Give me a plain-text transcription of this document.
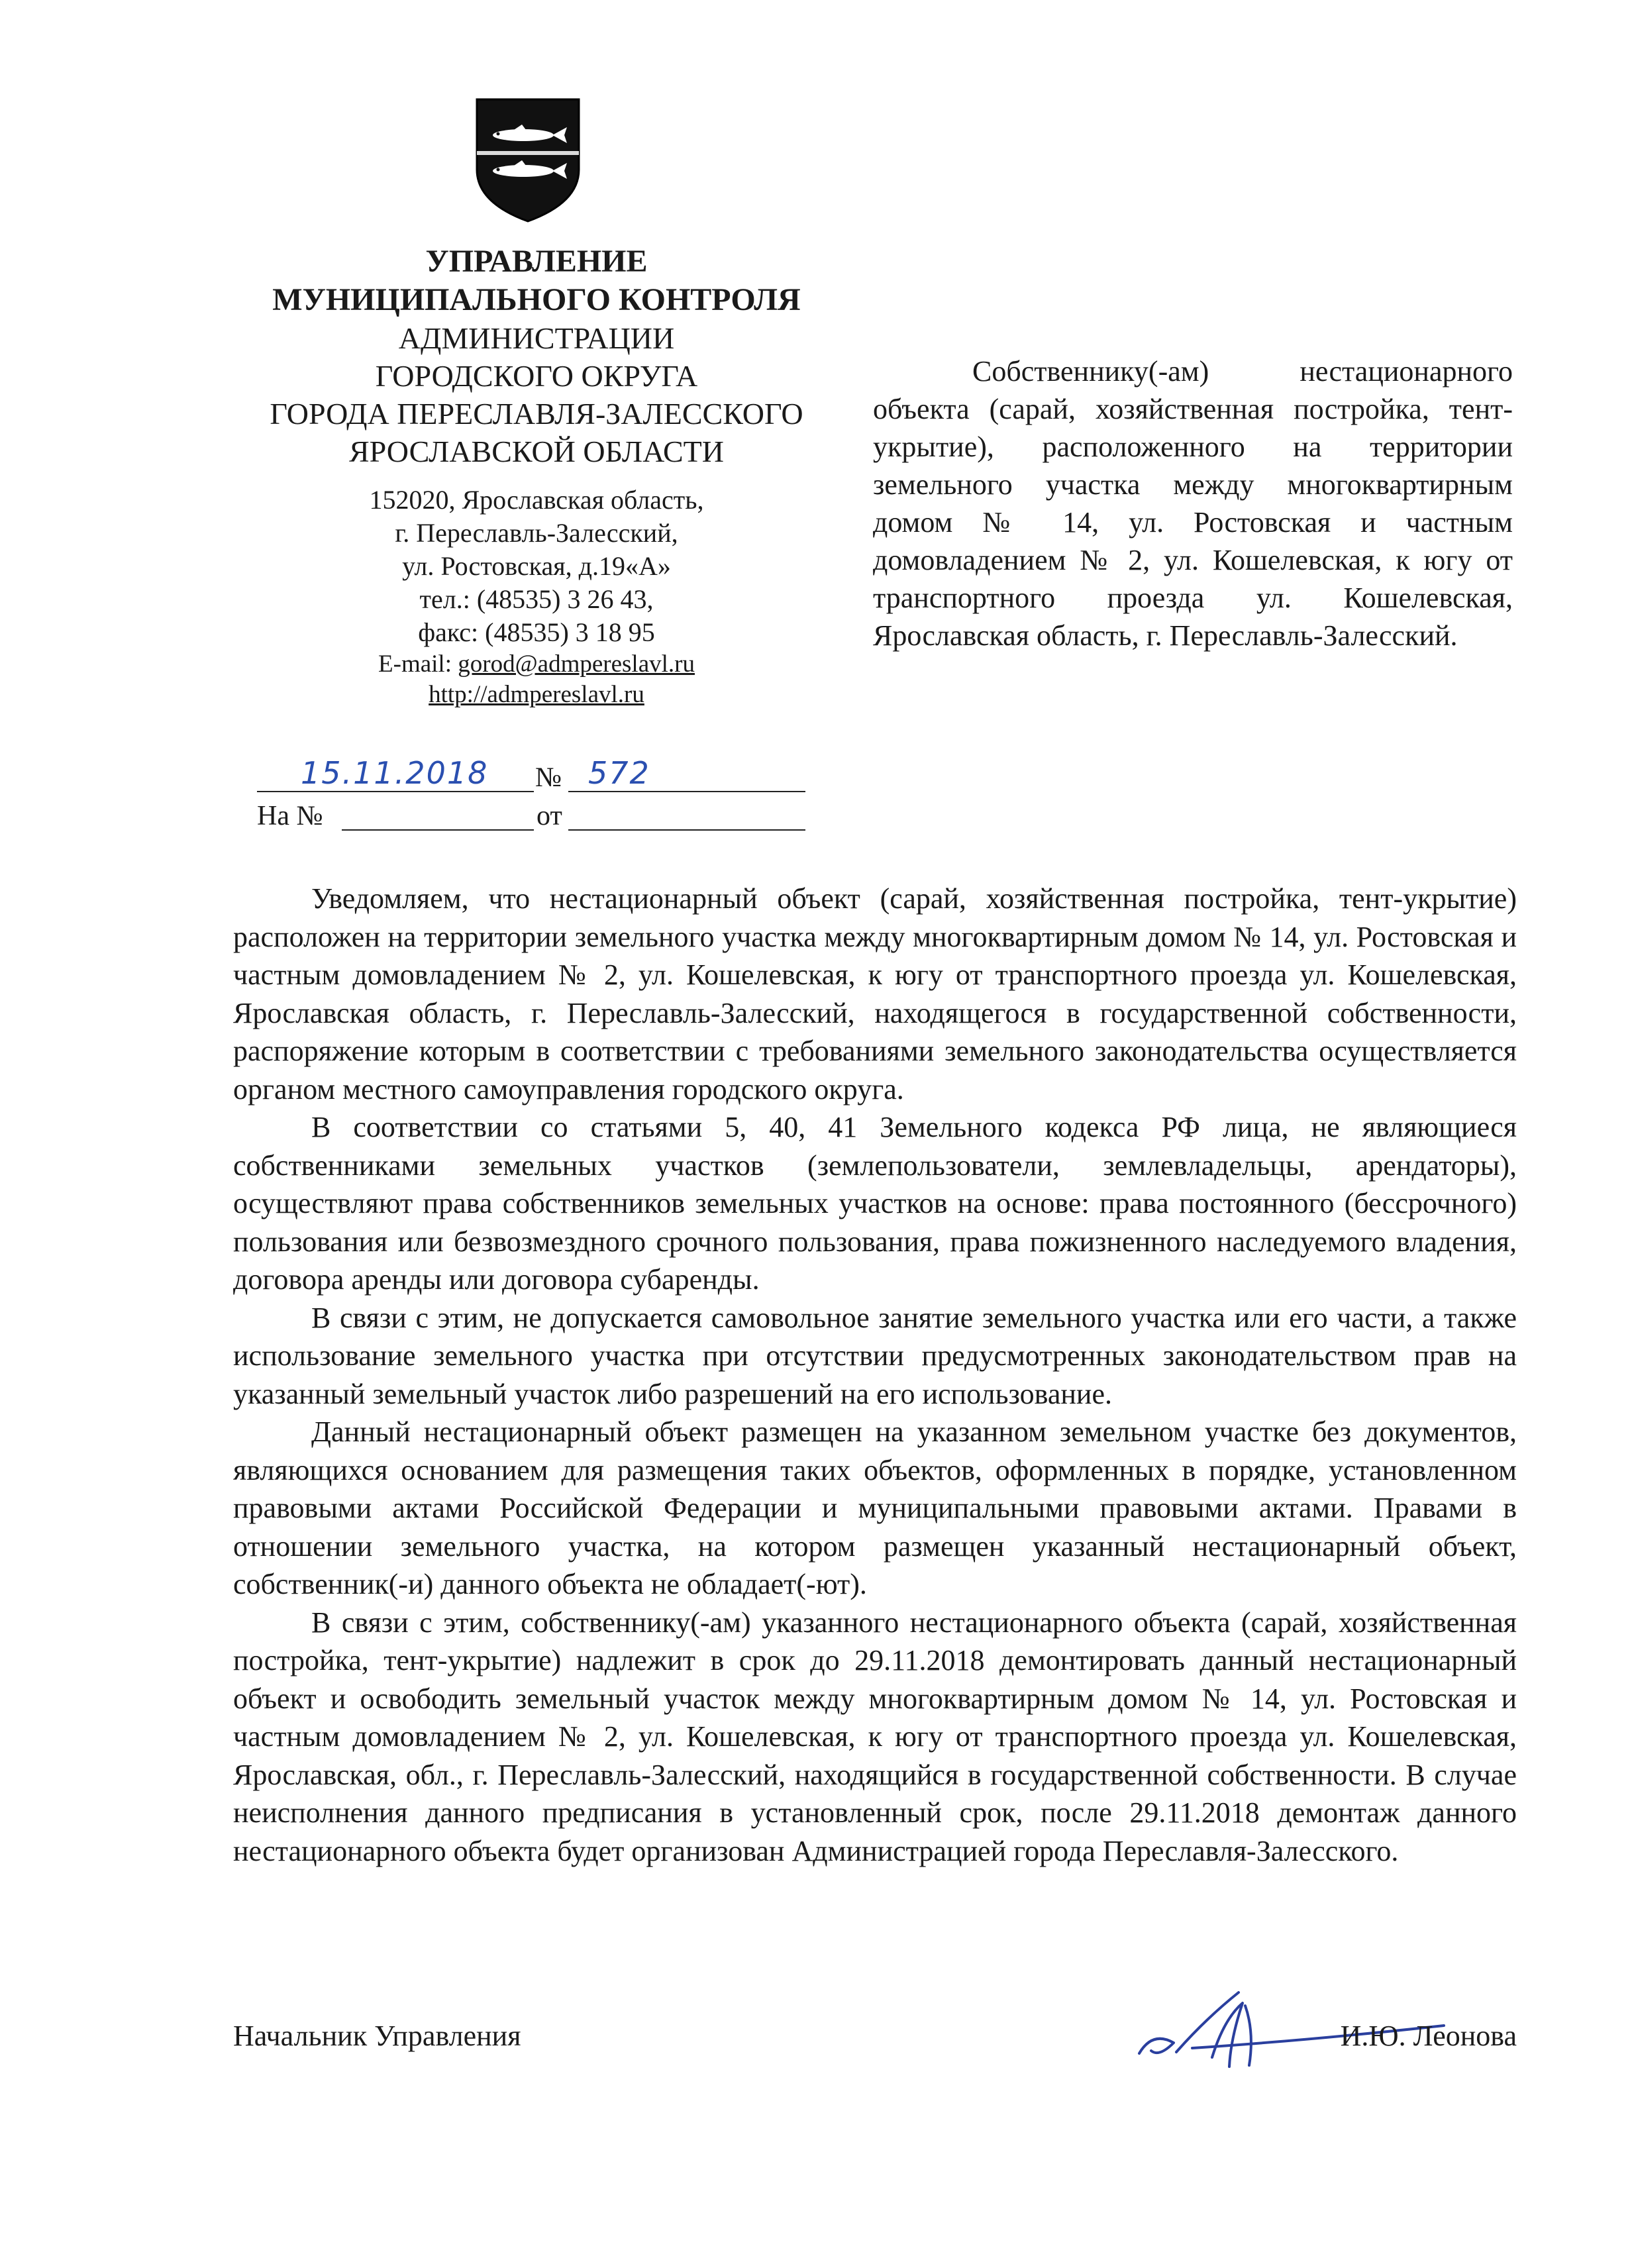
УПРАВЛЕНИЕ
МУНИЦИПАЛЬНОГО КОНТРОЛЯ
АДМИНИСТРАЦИИ
ГОРОДСКОГО ОКРУГА
ГОРОДА ПЕРЕСЛАВЛЯ-ЗАЛЕССКОГО
ЯРОСЛАВСКОЙ ОБЛАСТИ
152020, Ярославская область,
г. Переславль-Залесский,
ул. Ростовская, д.19«А»
тел.: (48535) 3 26 43,
факс: (48535) 3 18 95
E-mail: gorod@admpereslavl.ru
http://admpereslavl.ru
15.11.2018 № 572
На №	от
Собственнику(-ам) нестационарного объекта (сарай, хозяйственная постройка, тент-укрытие), расположенного на территории земельного участка между многоквартирным домом № 14, ул. Ростовская и частным домовладением № 2, ул. Кошелевская, к югу от транспортного проезда ул. Кошелевская, Ярославская область, г. Переславль-Залесский.

Уведомляем, что нестационарный объект (сарай, хозяйственная постройка, тент-укрытие) расположен на территории земельного участка между многоквартирным домом № 14, ул. Ростовская и частным домовладением № 2, ул. Кошелевская, к югу от транспортного проезда ул. Кошелевская, Ярославская область, г. Переславль-Залесский, находящегося в государственной собственности, распоряжение которым в соответствии с требованиями земельного законодательства осуществляется органом местного самоуправления городского округа.

В соответствии со статьями 5, 40, 41 Земельного кодекса РФ лица, не являющиеся собственниками земельных участков (землепользователи, землевладельцы, арендаторы), осуществляют права собственников земельных участков на основе: права постоянного (бессрочного) пользования или безвозмездного срочного пользования, права пожизненного наследуемого владения, договора аренды или договора субаренды.

В связи с этим, не допускается самовольное занятие земельного участка или его части, а также использование земельного участка при отсутствии предусмотренных законодательством прав на указанный земельный участок либо разрешений на его использование.

Данный нестационарный объект размещен на указанном земельном участке без документов, являющихся основанием для размещения таких объектов, оформленных в порядке, установленном правовыми актами Российской Федерации и муниципальными правовыми актами. Правами в отношении земельного участка, на котором размещен указанный нестационарный объект, собственник(-и) данного объекта не обладает(-ют).

В связи с этим, собственнику(-ам) указанного нестационарного объекта (сарай, хозяйственная постройка, тент-укрытие) надлежит в срок до 29.11.2018 демонтировать данный нестационарный объект и освободить земельный участок между многоквартирным домом № 14, ул. Ростовская и частным домовладением № 2, ул. Кошелевская, к югу от транспортного проезда ул. Кошелевская, Ярославская, обл., г. Переславль-Залесский, находящийся в государственной собственности. В случае неисполнения данного предписания в установленный срок, после 29.11.2018 демонтаж данного нестационарного объекта будет организован Администрацией города Переславля-Залесского.

Начальник Управления	И.Ю. Леонова
